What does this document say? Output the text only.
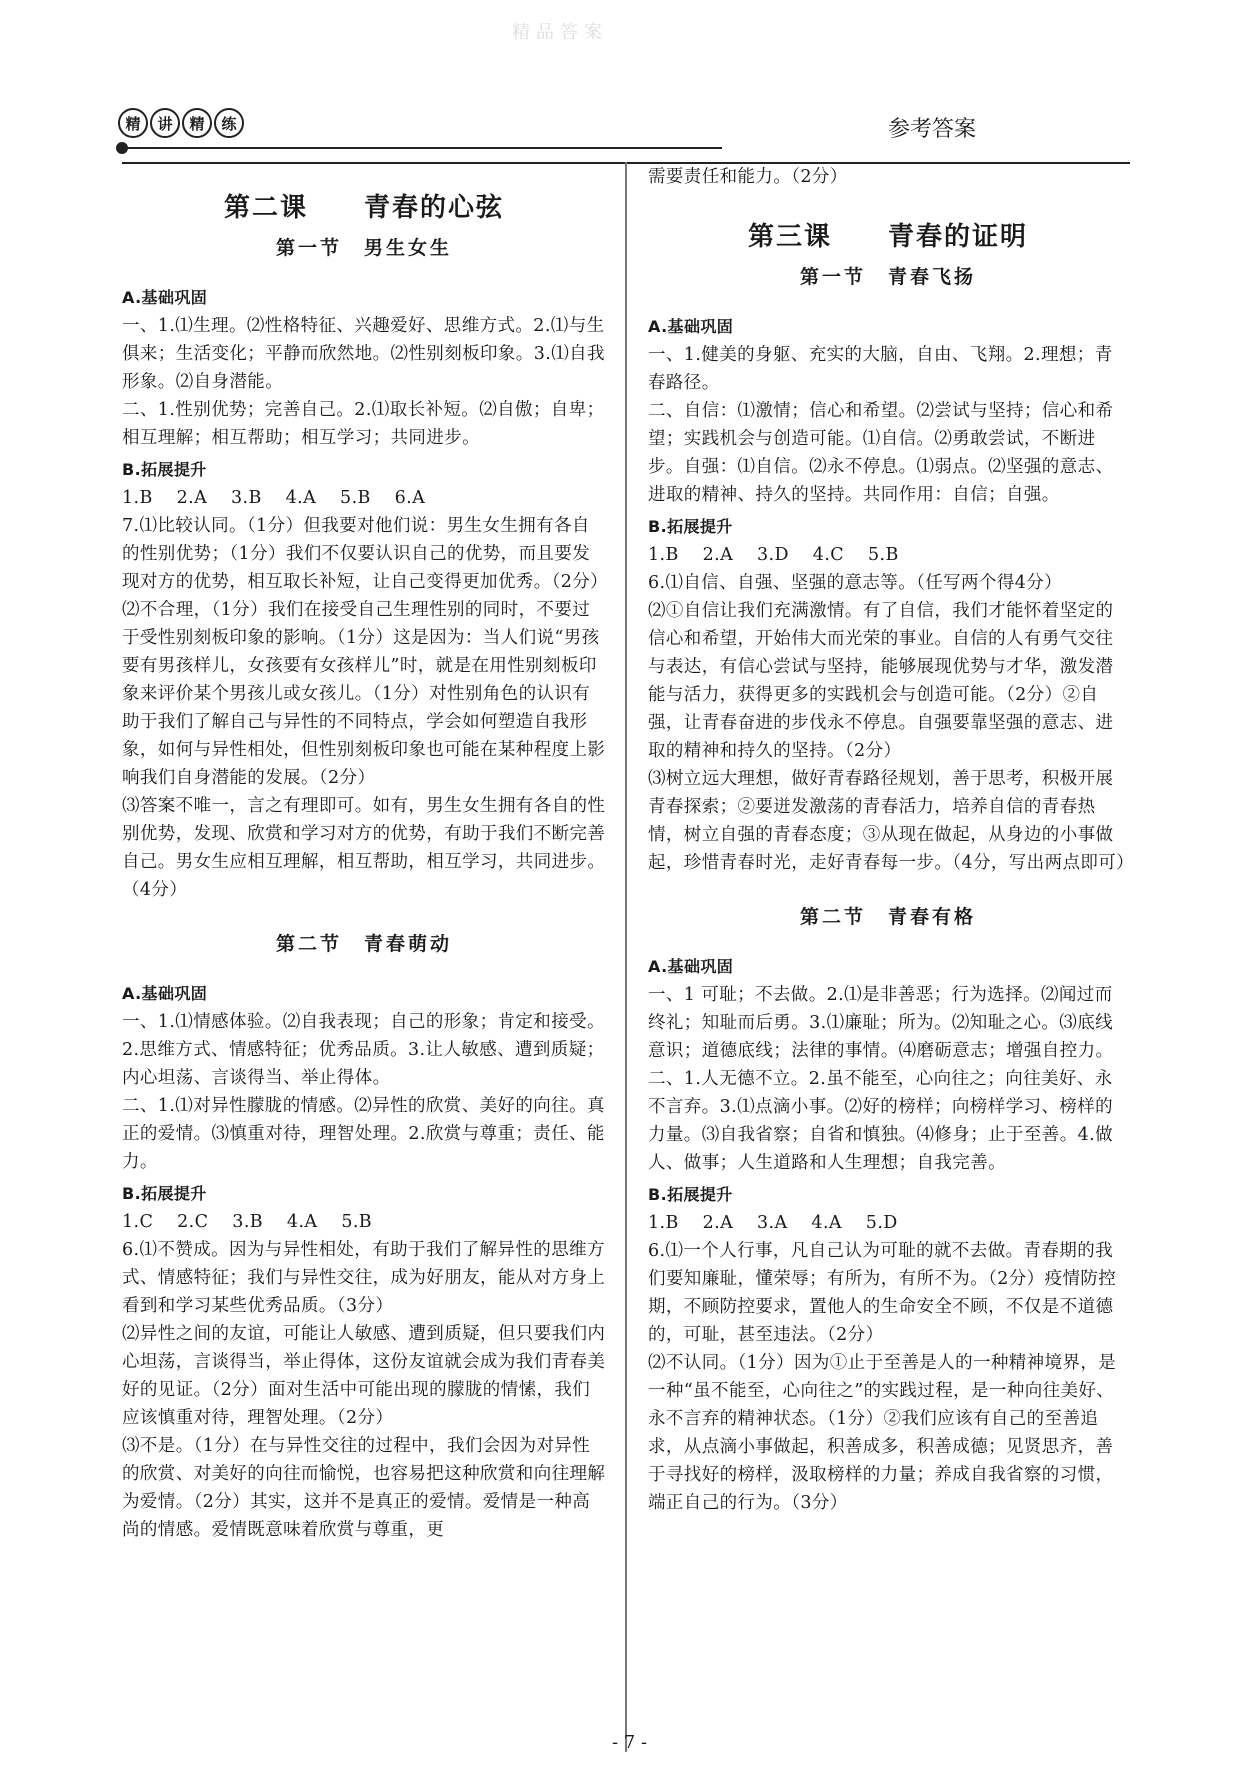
精品答案
精	讲	精	练	参考答案
第二课　　青春的心弦
第一节　男生女生
A.基础巩固

一、1.⑴生理。⑵性格特征、兴趣爱好、思维方式。2.⑴与生俱来；生活变化；平静而欣然地。⑵性别刻板印象。3.⑴自我形象。⑵自身潜能。

二、1.性别优势；完善自己。2.⑴取长补短。⑵自傲；自卑；相互理解；相互帮助；相互学习；共同进步。

B.拓展提升

1.B　 2.A　 3.B　 4.A　 5.B　 6.A

7.⑴比较认同。（1分）但我要对他们说：男生女生拥有各自的性别优势；（1分）我们不仅要认识自己的优势，而且要发现对方的优势，相互取长补短，让自己变得更加优秀。（2分）

⑵不合理，（1分）我们在接受自己生理性别的同时，不要过于受性别刻板印象的影响。（1分）这是因为：当人们说“男孩要有男孩样儿，女孩要有女孩样儿”时，就是在用性别刻板印象来评价某个男孩儿或女孩儿。（1分）对性别角色的认识有助于我们了解自己与异性的不同特点，学会如何塑造自我形象，如何与异性相处，但性别刻板印象也可能在某种程度上影响我们自身潜能的发展。（2分）

⑶答案不唯一，言之有理即可。如有，男生女生拥有各自的性别优势，发现、欣赏和学习对方的优势，有助于我们不断完善自己。男女生应相互理解，相互帮助，相互学习，共同进步。（4分）

第二节　青春萌动
A.基础巩固

一、1.⑴情感体验。⑵自我表现；自己的形象；肯定和接受。2.思维方式、情感特征；优秀品质。3.让人敏感、遭到质疑；内心坦荡、言谈得当、举止得体。

二、1.⑴对异性朦胧的情感。⑵异性的欣赏、美好的向往。真正的爱情。⑶慎重对待，理智处理。2.欣赏与尊重；责任、能力。

B.拓展提升

1.C　 2.C　 3.B　 4.A　 5.B

6.⑴不赞成。因为与异性相处，有助于我们了解异性的思维方式、情感特征；我们与异性交往，成为好朋友，能从对方身上看到和学习某些优秀品质。（3分）

⑵异性之间的友谊，可能让人敏感、遭到质疑，但只要我们内心坦荡，言谈得当，举止得体，这份友谊就会成为我们青春美好的见证。（2分）面对生活中可能出现的朦胧的情愫，我们应该慎重对待，理智处理。（2分）

⑶不是。（1分）在与异性交往的过程中，我们会因为对异性的欣赏、对美好的向往而愉悦，也容易把这种欣赏和向往理解为爱情。（2分）其实，这并不是真正的爱情。爱情是一种高尚的情感。爱情既意味着欣赏与尊重，更

需要责任和能力。（2分）

第三课　　青春的证明
第一节　青春飞扬
A.基础巩固

一、1.健美的身躯、充实的大脑，自由、飞翔。2.理想；青春路径。

二、自信：⑴激情；信心和希望。⑵尝试与坚持；信心和希望；实践机会与创造可能。⑴自信。⑵勇敢尝试，不断进步。自强：⑴自信。⑵永不停息。⑴弱点。⑵坚强的意志、进取的精神、持久的坚持。共同作用：自信；自强。

B.拓展提升

1.B　 2.A　 3.D　 4.C　 5.B

6.⑴自信、自强、坚强的意志等。（任写两个得4分）

⑵①自信让我们充满激情。有了自信，我们才能怀着坚定的信心和希望，开始伟大而光荣的事业。自信的人有勇气交往与表达，有信心尝试与坚持，能够展现优势与才华，激发潜能与活力，获得更多的实践机会与创造可能。（2分）②自强，让青春奋进的步伐永不停息。自强要靠坚强的意志、进取的精神和持久的坚持。（2分）

⑶树立远大理想，做好青春路径规划，善于思考，积极开展青春探索；②要迸发激荡的青春活力，培养自信的青春热情，树立自强的青春态度；③从现在做起，从身边的小事做起，珍惜青春时光，走好青春每一步。（4分，写出两点即可）

第二节　青春有格
A.基础巩固

一、1 可耻；不去做。2.⑴是非善恶；行为选择。⑵闻过而终礼；知耻而后勇。3.⑴廉耻；所为。⑵知耻之心。⑶底线意识；道德底线；法律的事情。⑷磨砺意志；增强自控力。

二、1.人无德不立。2.虽不能至，心向往之；向往美好、永不言弃。3.⑴点滴小事。⑵好的榜样；向榜样学习、榜样的力量。⑶自我省察；自省和慎独。⑷修身；止于至善。4.做人、做事；人生道路和人生理想；自我完善。

B.拓展提升

1.B　 2.A　 3.A　 4.A　 5.D

6.⑴一个人行事，凡自己认为可耻的就不去做。青春期的我们要知廉耻，懂荣辱；有所为，有所不为。（2分）疫情防控期，不顾防控要求，置他人的生命安全不顾，不仅是不道德的，可耻，甚至违法。（2分）

⑵不认同。（1分）因为①止于至善是人的一种精神境界，是一种“虽不能至，心向往之”的实践过程，是一种向往美好、永不言弃的精神状态。（1分）②我们应该有自己的至善追求，从点滴小事做起，积善成多，积善成德；见贤思齐，善于寻找好的榜样，汲取榜样的力量；养成自我省察的习惯，端正自己的行为。（3分）

- 7 -
